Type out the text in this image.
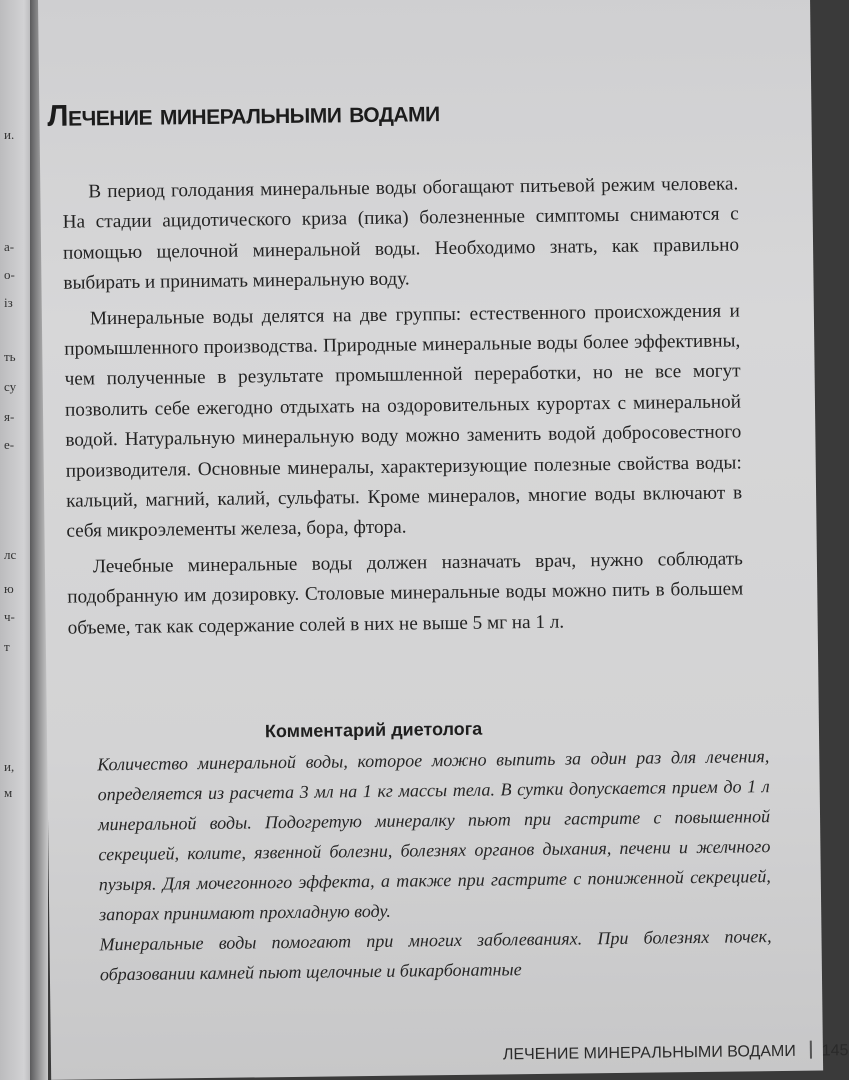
и.
а-
о-
із
ть
су
я-
е-
лс
ю
ч-
т
и,
м
Лечение минеральными водами

В период голодания минеральные воды обогащают питьевой режим человека. На стадии ацидотического криза (пика) болезненные симптомы снимаются с помощью щелочной минеральной воды. Необходимо знать, как правильно выбирать и принимать минеральную воду.

Минеральные воды делятся на две группы: естественного происхождения и промышленного производства. Природные минеральные воды более эффективны, чем полученные в результате промышленной переработки, но не все могут позволить себе ежегодно отдыхать на оздоровительных курортах с минеральной водой. Натуральную минеральную воду можно заменить водой добросовестного производителя. Основные минералы, характеризующие полезные свойства воды: кальций, магний, калий, сульфаты. Кроме минералов, многие воды включают в себя микроэлементы железа, бора, фтора.

Лечебные минеральные воды должен назначать врач, нужно соблюдать подобранную им дозировку. Столовые минеральные воды можно пить в большем объеме, так как содержание солей в них не выше 5 мг на 1 л.

Комментарий диетолога

Количество минеральной воды, которое можно выпить за один раз для лечения, определяется из расчета 3 мл на 1 кг массы тела. В сутки допускается прием до 1 л минеральной воды. Подогретую минералку пьют при гастрите с повышенной секрецией, колите, язвенной болезни, болезнях органов дыхания, печени и желчного пузыря. Для мочегонного эффекта, а также при гастрите с пониженной секрецией, запорах принимают прохладную воду.

Минеральные воды помогают при многих заболеваниях. При болезнях почек, образовании камней пьют щелочные и бикарбонатные

ЛЕЧЕНИЕ МИНЕРАЛЬНЫМИ ВОДАМИ 145
